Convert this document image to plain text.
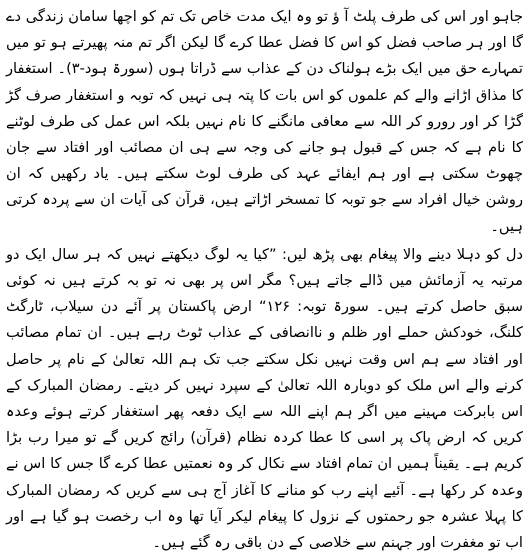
جاہو اور اس کی طرف پلٹ آ ؤ تو وہ ایک مدت خاص تک تم کو اچھا سامان زندگی دے گا اور ہر صاحب فضل کو اس کا فضل عطا کرے گا لیکن اگر تم منہ پھیرتے ہو تو میں تمہارے حق میں ایک بڑے ہولناک دن کے عذاب سے ڈراتا ہوں (سورۃ ہود-۳)۔ استغفار کا مذاق اڑانے والے کم علموں کو اس بات کا پتہ ہی نہیں کہ توبہ و استغفار صرف گڑ گڑا کر اور رورو کر اللہ سے معافی مانگنے کا نام نہیں بلکہ اس عمل کی طرف لوٹنے کا نام ہے کہ جس کے قبول ہو جانے کی وجہ سے ہی ان مصائب اور افتاد سے جان چھوٹ سکتی ہے اور ہم ایفائے عہد کی طرف لوٹ سکتے ہیں۔ یاد رکھیں کہ ان روشن خیال افراد سے جو توبہ کا تمسخر اڑاتے ہیں، قرآن کی آیات ان سے پردہ کرتی ہیں۔

دل کو دہلا دینے والا پیغام بھی پڑھ لیں: ”کیا یہ لوگ دیکھتے نہیں کہ ہر سال ایک دو مرتبہ یہ آزمائش میں ڈالے جاتے ہیں؟ مگر اس پر بھی نہ تو بہ کرتے ہیں نہ کوئی سبق حاصل کرتے ہیں۔ سورۃ توبہ: ۱۲۶“ ارض پاکستان پر آئے دن سیلاب، ٹارگٹ کلنگ، خودکش حملے اور ظلم و ناانصافی کے عذاب ٹوٹ رہے ہیں۔ ان تمام مصائب اور افتاد سے ہم اس وقت نہیں نکل سکتے جب تک ہم اللہ تعالیٰ کے نام پر حاصل کرنے والے اس ملک کو دوبارہ اللہ تعالیٰ کے سپرد نہیں کر دیتے۔ رمضان المبارک کے اس بابرکت مہینے میں اگر ہم اپنے اللہ سے ایک دفعہ پھر استغفار کرتے ہوئے وعدہ کریں کہ ارض پاک پر اسی کا عطا کردہ نظام (قرآن) رائج کریں گے تو میرا رب بڑا کریم ہے۔ یقیناً ہمیں ان تمام افتاد سے نکال کر وہ نعمتیں عطا کرے گا جس کا اس نے وعدہ کر رکھا ہے۔ آئیے اپنے رب کو منانے کا آغاز آج ہی سے کریں کہ رمضان المبارک کا پہلا عشرہ جو رحمتوں کے نزول کا پیغام لیکر آیا تھا وہ اب رخصت ہو گیا ہے اور اب تو مغفرت اور جہنم سے خلاصی کے دن باقی رہ گئے ہیں۔
